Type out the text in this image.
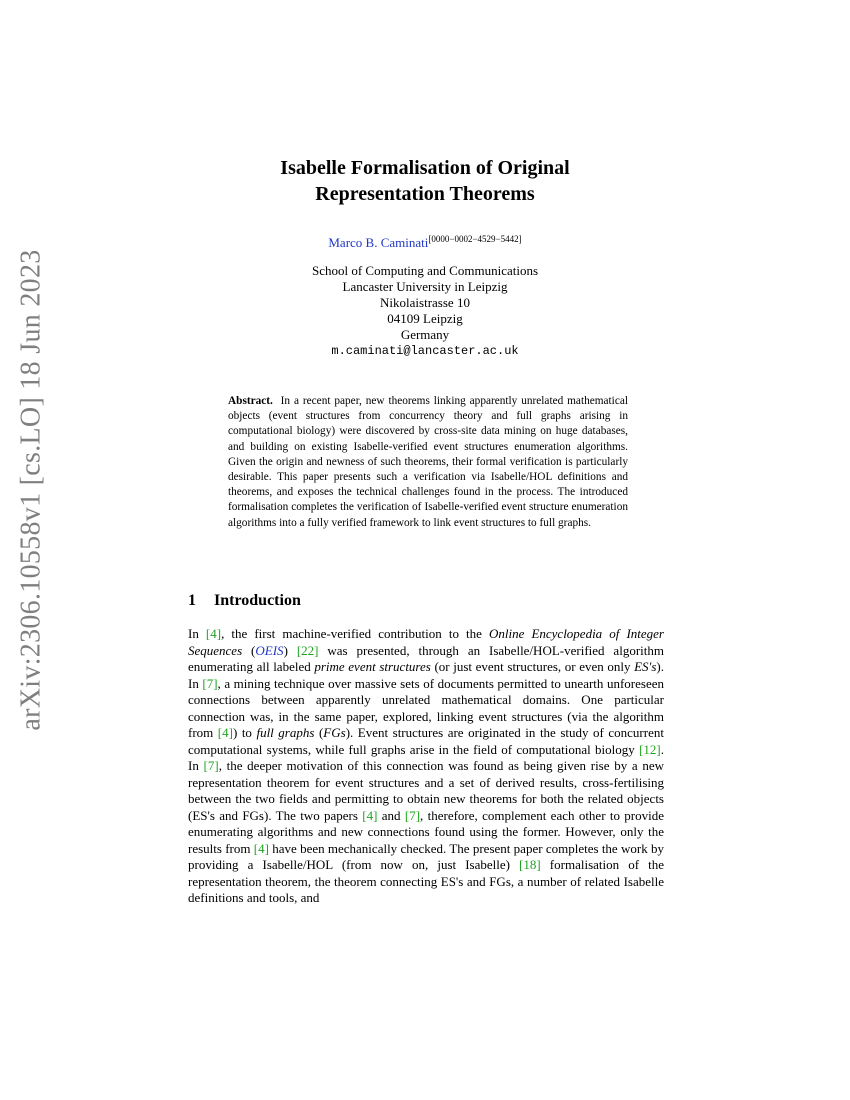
arXiv:2306.10558v1 [cs.LO] 18 Jun 2023
Isabelle Formalisation of Original
Representation Theorems
Marco B. Caminati[0000−0002−4529−5442]
School of Computing and Communications
Lancaster University in Leipzig
Nikolaistrasse 10
04109 Leipzig
Germany
m.caminati@lancaster.ac.uk
Abstract. In a recent paper, new theorems linking apparently unrelated mathematical objects (event structures from concurrency theory and full graphs arising in computational biology) were discovered by cross-site data mining on huge databases, and building on existing Isabelle-verified event structures enumeration algorithms. Given the origin and newness of such theorems, their formal verification is particularly desirable. This paper presents such a verification via Isabelle/HOL definitions and theorems, and exposes the technical challenges found in the process. The introduced formalisation completes the verification of Isabelle-verified event structure enumeration algorithms into a fully verified framework to link event structures to full graphs.
1 Introduction
In [4], the first machine-verified contribution to the Online Encyclopedia of Integer Sequences (OEIS) [22] was presented, through an Isabelle/HOL-verified algorithm enumerating all labeled prime event structures (or just event structures, or even only ES's). In [7], a mining technique over massive sets of documents permitted to unearth unforeseen connections between apparently unrelated mathematical domains. One particular connection was, in the same paper, explored, linking event structures (via the algorithm from [4]) to full graphs (FGs). Event structures are originated in the study of concurrent computational systems, while full graphs arise in the field of computational biology [12]. In [7], the deeper motivation of this connection was found as being given rise by a new representation theorem for event structures and a set of derived results, cross-fertilising between the two fields and permitting to obtain new theorems for both the related objects (ES's and FGs). The two papers [4] and [7], therefore, complement each other to provide enumerating algorithms and new connections found using the former. However, only the results from [4] have been mechanically checked. The present paper completes the work by providing a Isabelle/HOL (from now on, just Isabelle) [18] formalisation of the representation theorem, the theorem connecting ES's and FGs, a number of related Isabelle definitions and tools, and
